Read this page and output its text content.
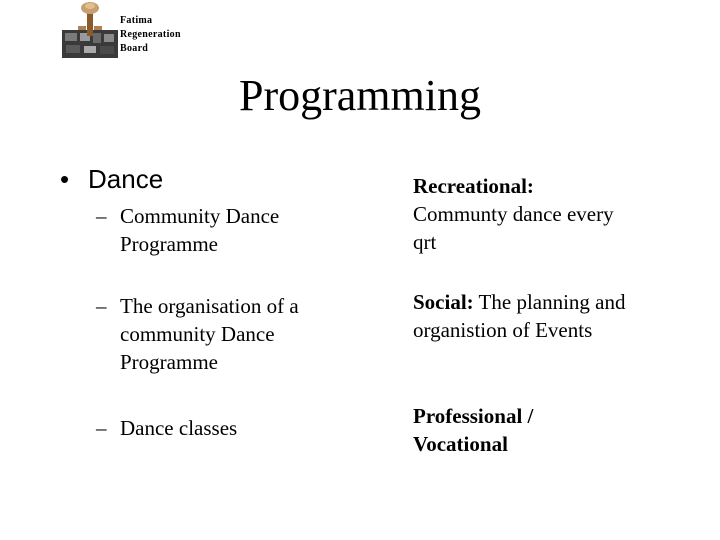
Fatima
Regeneration
Board
Programming
• Dance
– Community Dance Programme
– The organisation of a community Dance Programme
– Dance classes
Recreational:
Communty dance every qrt
Social: The planning and organistion of Events
Professional / Vocational
